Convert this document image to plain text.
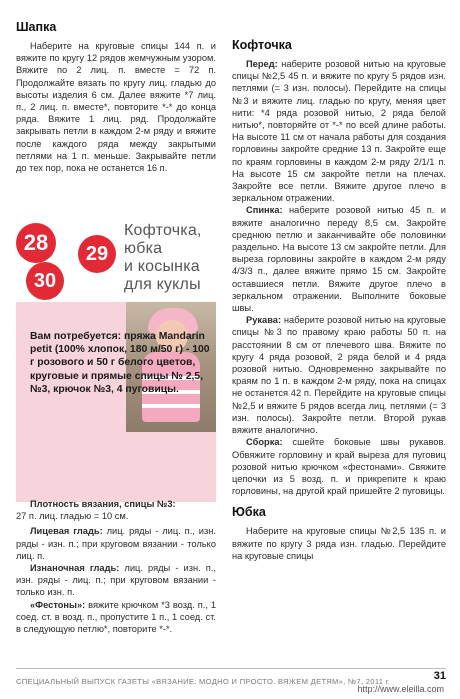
Шапка

Наберите на круговые спицы 144 п. и вяжите по кругу 12 рядов жемчужным узором. Вяжите по 2 лиц. п. вместе = 72 п. Продолжайте вязать по кругу лиц. гладью до высоты изделия 6 см. Далее вяжите *7 лиц. п., 2 лиц. п. вместе*, повторите *-* до конца ряда. Вяжите 1 лиц. ряд. Продолжайте закрывать петли в каждом 2-м ряду и вяжите после каждого ряда между закрытыми петлями на 1 п. меньше. Закрывайте петли до тех пор, пока не останется 16 п.

28	29
30

Кофточка,

юбка

и косынка

для куклы

Вам потребуется: пряжа Mandarin petit (100% хлопок, 180 м/50 г) - 100 г розового и 50 г белого цветов, круговые и прямые спицы № 2,5, №3, крючок №3, 4 пуговицы.

Плотность вязания, спицы №3:

27 п. лиц. гладью = 10 см.

Лицевая гладь: лиц. ряды - лиц. п., изн. ряды - изн. п.; при круговом вязании - только лиц. п.

Изнаночная гладь: лиц. ряды - изн. п., изн. ряды - лиц. п.; при круговом вязании - только изн. п.

«Фестоны»: вяжите крючком *3 возд. п., 1 соед. ст. в возд. п., пропустите 1 п., 1 соед. ст. в следующую петлю*, повторите *-*.

Кофточка

Перед: наберите розовой нитью на круговые спицы №2,5 45 п. и вяжите по кругу 5 рядов изн. петлями (= 3 изн. полосы). Перейдите на спицы №3 и вяжите лиц. гладью по кругу, меняя цвет нити: *4 ряда розовой нитью, 2 ряда белой нитью*, повторяйте от *-* по всей длине работы. На высоте 11 см от начала работы для создания горловины закройте средние 13 п. Закройте еще по краям горловины в каждом 2-м ряду 2/1/1 п. На высоте 15 см закройте петли на плечах. Закройте все петли. Вяжите другое плечо в зеркальном отражении.

Спинка: наберите розовой нитью 45 п. и вяжите аналогично переду 8,5 см. Закройте среднюю петлю и заканчивайте обе половинки раздельно. На высоте 13 см закройте петли. Для выреза горловины закройте в каждом 2-м ряду 4/3/3 п., далее вяжите прямо 15 см. Закройте оставшиеся петли. Вяжите другое плечо в зеркальном отражении. Выполните боковые швы.

Рукава: наберите розовой нитью на круговые спицы №3 по правому краю работы 50 п. на расстоянии 8 см от плечевого шва. Вяжите по кругу 4 ряда розовой, 2 ряда белой и 4 ряда розовой нитью. Одновременно закрывайте по краям по 1 п. в каждом 2-м ряду, пока на спицах не останется 42 п. Перейдите на круговые спицы №2,5 и вяжите 5 рядов всегда лиц. петлями (= 3 изн. полосы). Закройте петли. Второй рукав вяжите аналогично.

Сборка: сшейте боковые швы рукавов. Обвяжите горловину и край выреза для пуговиц розовой нитью крючком «фестонами». Свяжите цепочки из 5 возд. п. и прикрепите к краю горловины, на другой край пришейте 2 пуговицы.

Юбка

Наберите на круговые спицы №2,5 135 п. и вяжите по кругу 3 ряда изн. гладью. Перейдите на круговые спицы

СПЕЦИАЛЬНЫЙ ВЫПУСК ГАЗЕТЫ «ВЯЗАНИЕ: МОДНО И ПРОСТО. ВЯЖЕМ ДЕТЯМ», №7, 2011 г.	31
http://www.eleilla.com
